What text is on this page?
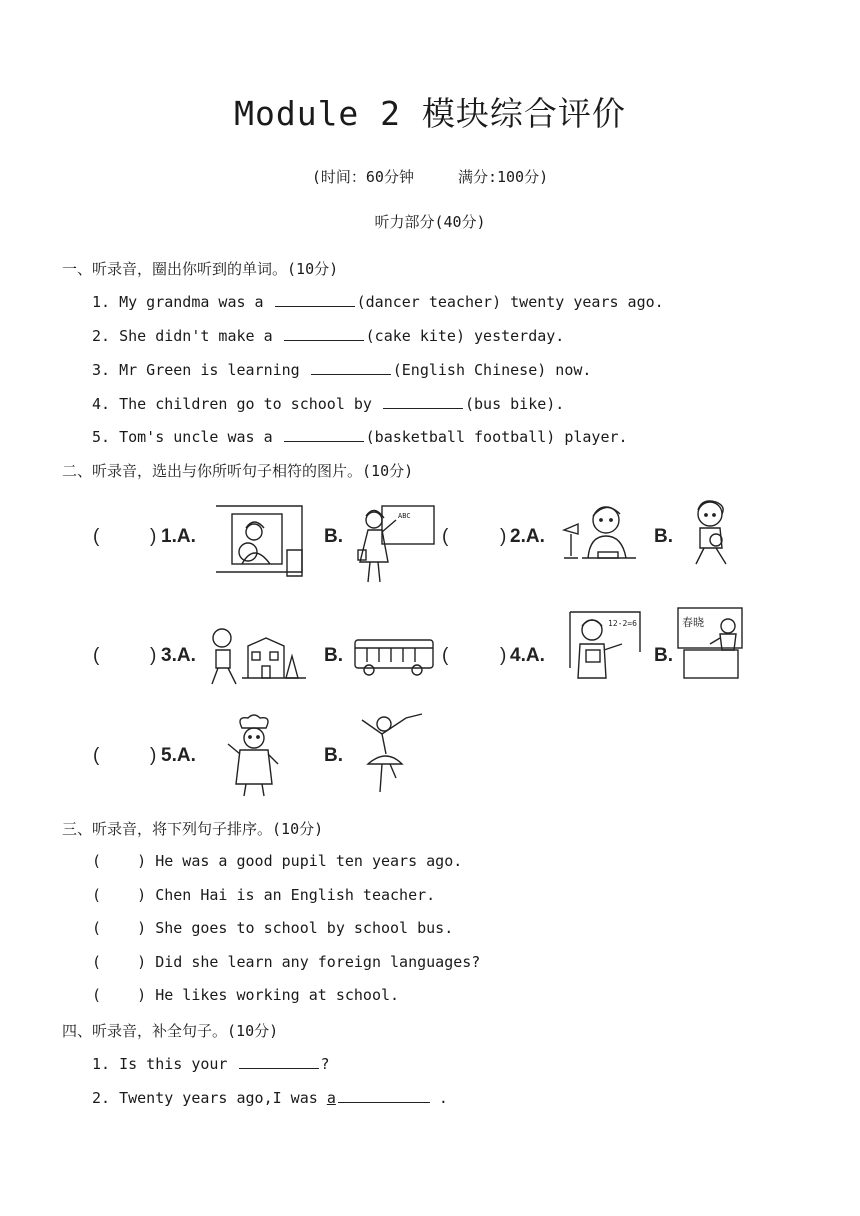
Module 2 模块综合评价
(时间：60分钟	满分:100分)
听力部分(40分)
一、听录音，圈出你听到的单词。(10分)
1. My grandma was a	(dancer teacher) twenty years ago.
2. She didn't make a	(cake kite) yesterday.
3. Mr Green is learning	(English Chinese) now.
4. The children go to school by	(bus bike).
5. Tom's uncle was a	(basketball football) player.
二、听录音，选出与你所听句子相符的图片。(10分)
(	) 1.A.	B.
ABC
(	) 2.A.	B.
(	) 3.A.	B.	(	) 4.A.
12-2=6
B.
春晓
(	) 5.A.	B.
三、听录音，将下列句子排序。(10分)
(    ) He was a good pupil ten years ago.
(    ) Chen Hai is an English teacher.
(    ) She goes to school by school bus.
(    ) Did she learn any foreign languages?
(    ) He likes working at school.
四、听录音，补全句子。(10分)
1. Is this your	?
2. Twenty years ago,I was a	.
